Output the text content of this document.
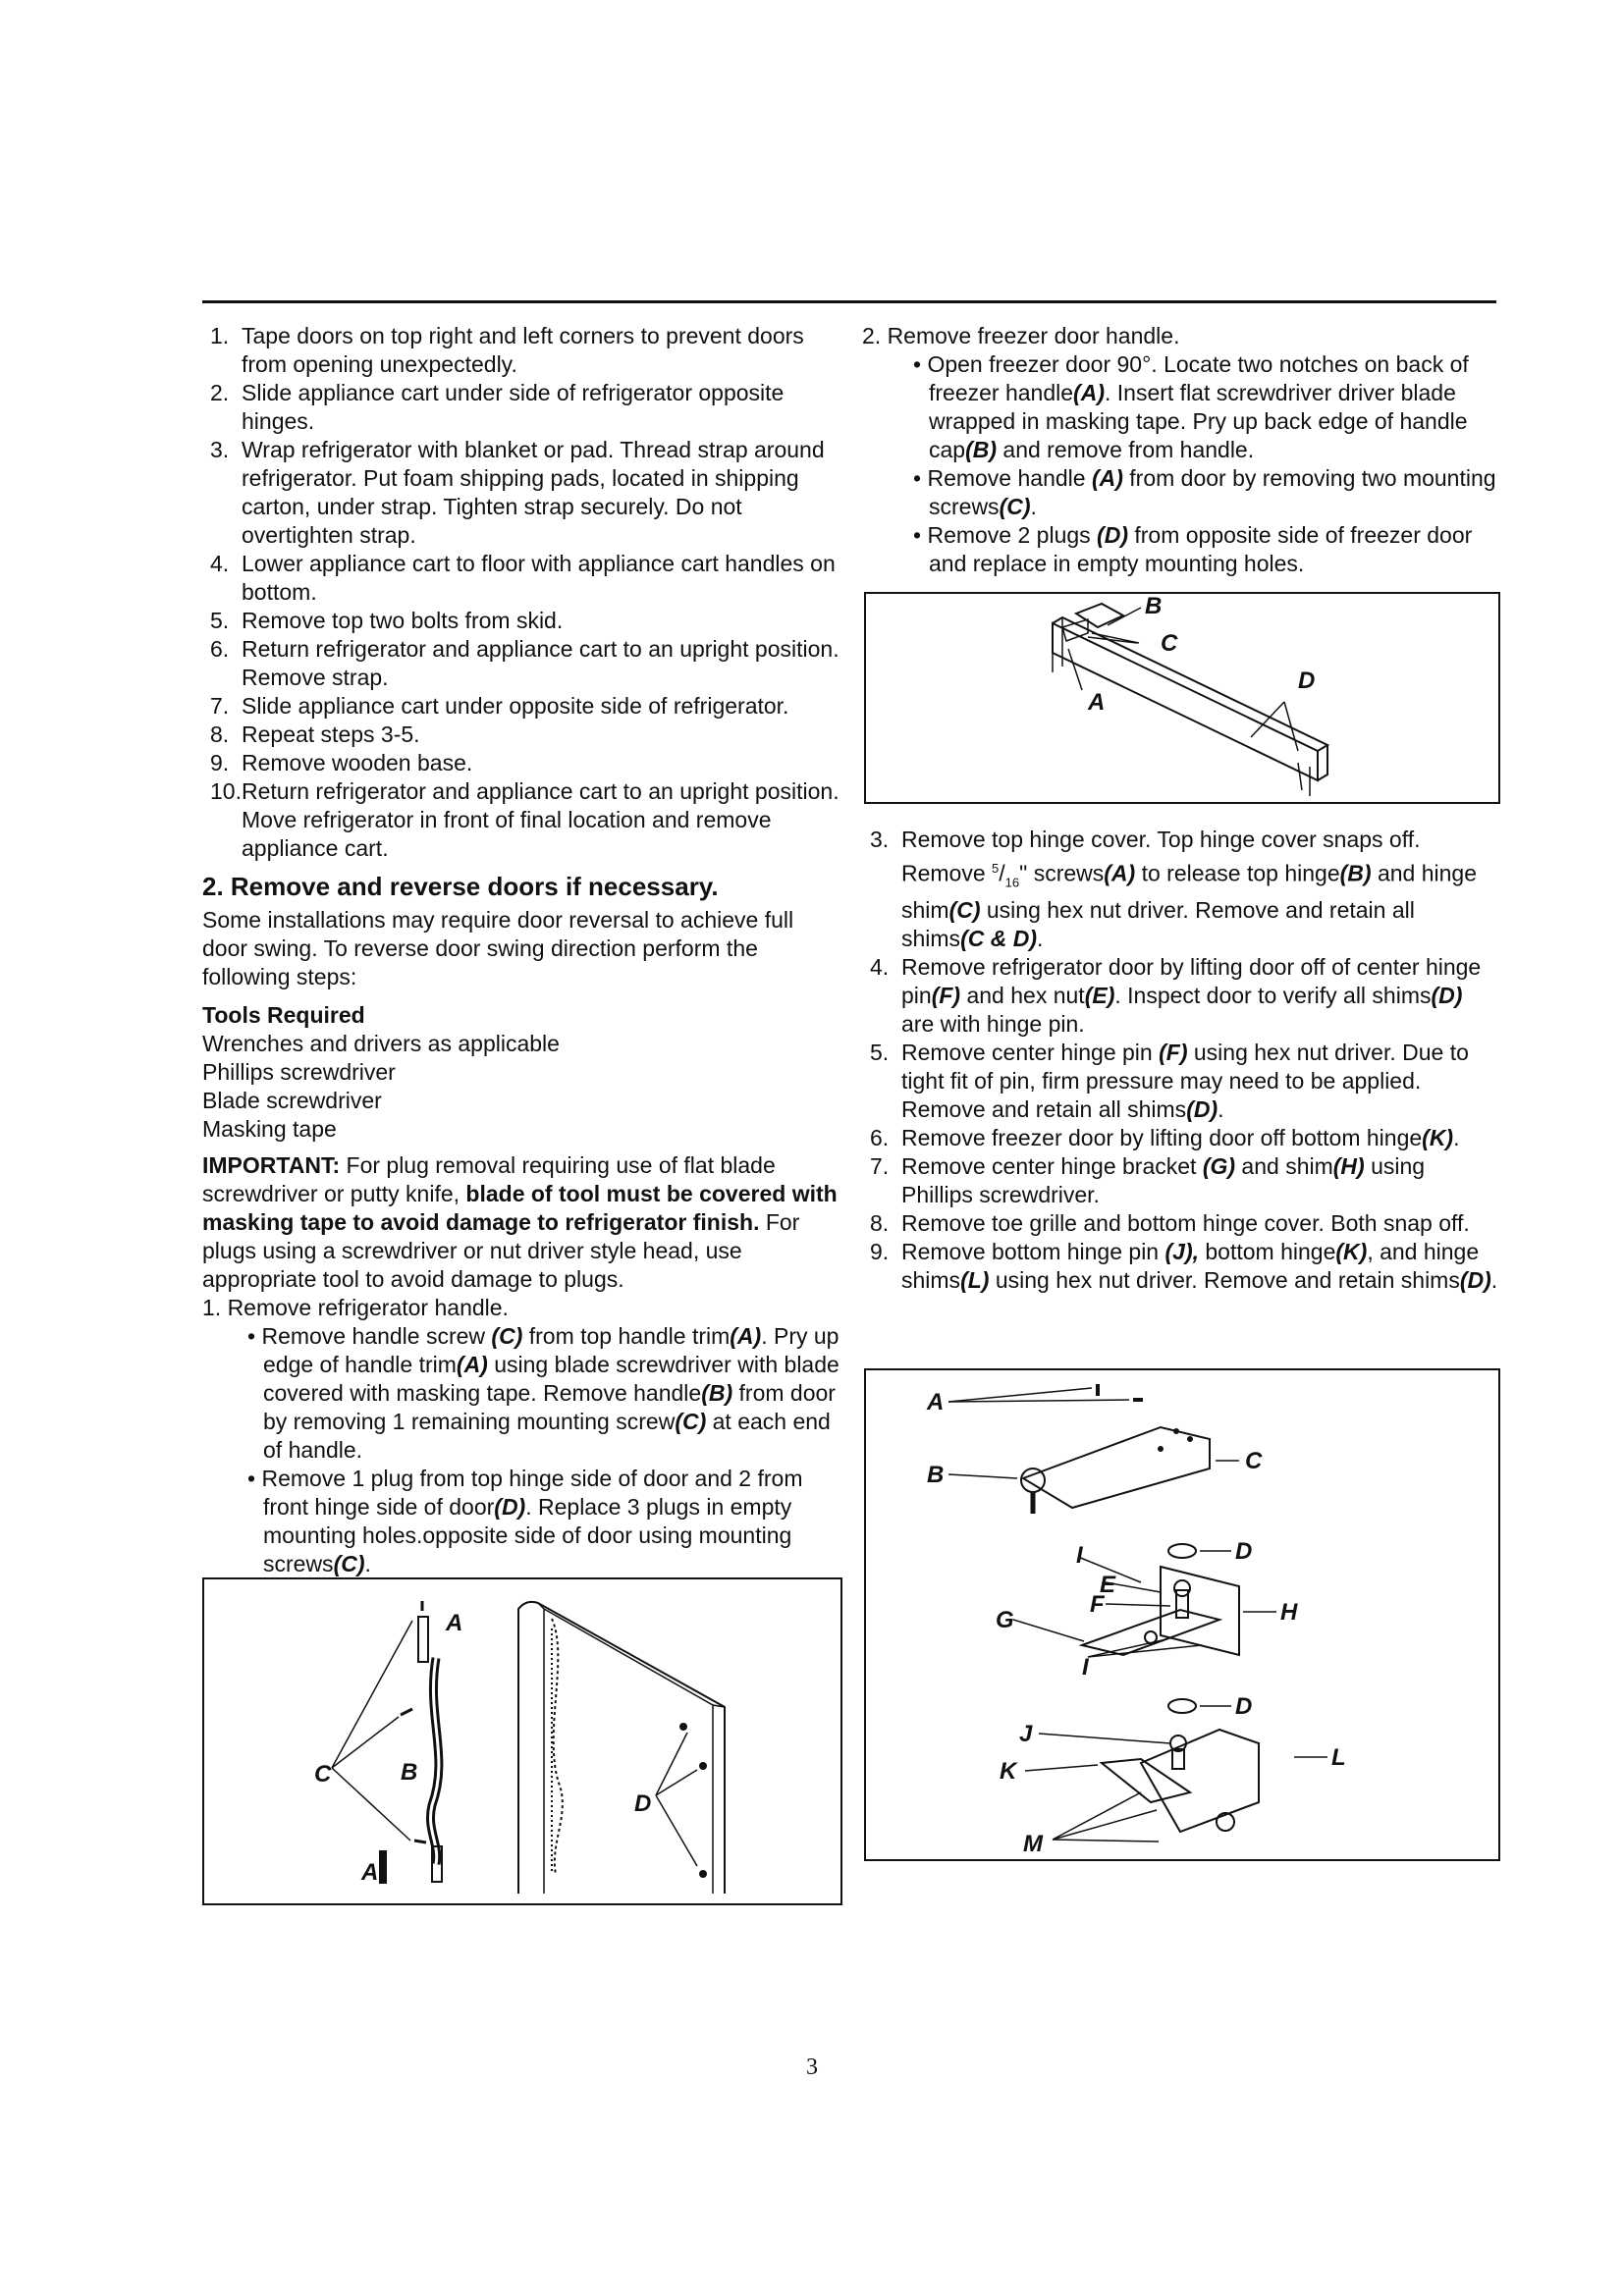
1. Tape doors on top right and left corners to prevent doors from opening unexpectedly.

2. Slide appliance cart under side of refrigerator opposite hinges.

3. Wrap refrigerator with blanket or pad. Thread strap around refrigerator. Put foam shipping pads, located in shipping carton, under strap. Tighten strap securely. Do not overtighten strap.

4. Lower appliance cart to floor with appliance cart handles on bottom.

5. Remove top two bolts from skid.

6. Return refrigerator and appliance cart to an upright position. Remove strap.

7. Slide appliance cart under opposite side of refrigerator.

8. Repeat steps 3-5.

9. Remove wooden base.

10.Return refrigerator and appliance cart to an upright position. Move refrigerator in front of final location and remove appliance cart.

2. Remove and reverse doors if necessary.

Some installations may require door reversal to achieve full door swing. To reverse door swing direction perform the following steps:

Tools Required

Wrenches and drivers as applicable

Phillips screwdriver

Blade screwdriver

Masking tape

IMPORTANT: For plug removal requiring use of flat blade screwdriver or putty knife, blade of tool must be covered with masking tape to avoid damage to refrigerator finish. For plugs using a screwdriver or nut driver style head, use appropriate tool to avoid damage to plugs.

1. Remove refrigerator handle.

• Remove handle screw (C) from top handle trim(A). Pry up edge of handle trim(A) using blade screwdriver with blade covered with masking tape. Remove handle(B) from door by removing 1 remaining mounting screw(C) at each end of handle.

• Remove 1 plug from top hinge side of door and 2 from front hinge side of door(D). Replace 3 plugs in empty mounting holes.opposite side of door using mounting screws(C).

C
A
B
A
D

2. Remove freezer door handle.

• Open freezer door 90°. Locate two notches on back of freezer handle(A). Insert flat screwdriver driver blade wrapped in masking tape. Pry up back edge of handle cap(B) and remove from handle.

• Remove handle (A) from door by removing two mounting screws(C).

• Remove 2 plugs (D) from opposite side of freezer door and replace in empty mounting holes.

3. Remove top hinge cover. Top hinge cover snaps off. Remove $^5/_{16}$" screws(A) to release top hinge(B) and hinge shim(C) using hex nut driver. Remove and retain all shims(C & D).

4. Remove refrigerator door by lifting door off of center hinge pin(F) and hex nut(E). Inspect door to verify all shims(D) are with hinge pin.

5. Remove center hinge pin (F) using hex nut driver. Due to tight fit of pin, firm pressure may need to be applied. Remove and retain all shims(D).

6. Remove freezer door by lifting door off bottom hinge(K).

7. Remove center hinge bracket (G) and shim(H) using Phillips screwdriver.

8. Remove toe grille and bottom hinge cover. Both snap off.

9. Remove bottom hinge pin (J), bottom hinge(K), and hinge shims(L) using hex nut driver. Remove and retain shims(D).

B
C
A
D
A
B
C
D
H
I
E
F
G
I
D
J
K
L
M
3
